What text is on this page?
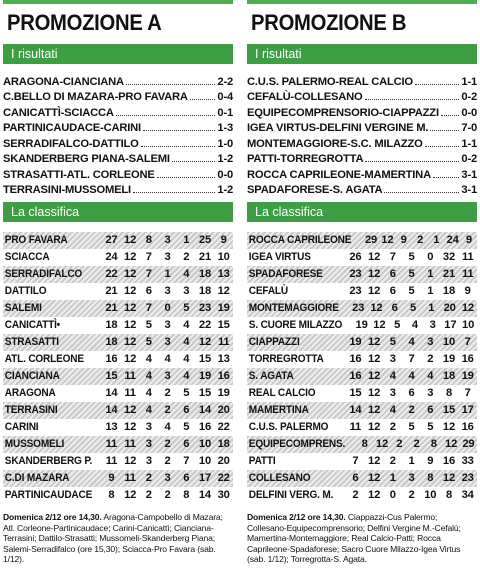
PROMOZIONE A
I risultati
ARAGONA-CIANCIANA	2-2
C.BELLO DI MAZARA-PRO FAVARA	0-4
CANICATTÌ-SCIACCA	0-1
PARTINICAUDACE-CARINI	1-3
SERRADIFALCO-DATTILO	1-0
SKANDERBERG PIANA-SALEMI	1-2
STRASATTI-ATL. CORLEONE	0-0
TERRASINI-MUSSOMELI	1-2
La classifica
PRO FAVARA	27 12 8	3	1 25 9
SCIACCA	24 12 7	3	2 21 10
SERRADIFALCO	22 12 7	1	4 18 13
DATTILO	21 12 6	3	3 18 12
SALEMI	21 12 7	0	5 23 19
CANICATTÌ•	18 12 5	3	4 22 15
STRASATTI	18 12 5	3	4 12 11
ATL. CORLEONE	16 12 4	4	4 15 13
CIANCIANA	15 11 4	3	4 19 16
ARAGONA	14 11 4	2	5 15 19
TERRASINI	14 12 4	2	6 14 20
CARINI	13 12 3	4	5 16 22
MUSSOMELI	11 11 3	2	6 10 18
SKANDERBERG P.	11 12 3	2	7 10 20
C.DI MAZARA	9 11 2	3	6 17 22
PARTINICAUDACE	8 12 2	2	8 14 30
Domenica 2/12 ore 14,30. Aragona-Campobello di Mazara; Atl. Corleone-Partinicaudace; Carini-Canicattì; Cianciana-Terrasini; Dattilo-Strasatti; Mussomeli-Skanderberg Piana; Salemi-Serradifalco (ore 15,30); Sciacca-Pro Favara (sab. 1/12).
PROMOZIONE B
I risultati
C.U.S. PALERMO-REAL CALCIO	1-1
CEFALÙ-COLLESANO	0-2
EQUIPECOMPRENSORIO-CIAPPAZZI 0-0
IGEA VIRTUS-DELFINI VERGINE M.	7-0
MONTEMAGGIORE-S.C. MILAZZO	1-1
PATTI-TORREGROTTA	0-2
ROCCA CAPRILEONE-MAMERTINA	3-1
SPADAFORESE-S. AGATA	3-1
La classifica
ROCCA CAPRILEONE 29 12 9 2 1 24 9
IGEA VIRTUS	26 12 7	5	0 32 11
SPADAFORESE	23 12 6	5	1 21 11
CEFALÙ	23 12 6	5	1 18 9
MONTEMAGGIORE 23 12 6	5	1 20 12
S. CUORE MILAZZO 19 12 5	4	3 17 10
CIAPPAZZI	19 12 5	4	3 10 7
TORREGROTTA	16 12 3	7	2 19 16
S. AGATA	16 12 4	4	4 18 19
REAL CALCIO	15 12 3	6	3	8	7
MAMERTINA	14 12 4	2	6 15 17
C.U.S. PALERMO	11 12 2	5	5 12 16
EQUIPECOMPRENS.	8 12 2	2	8 12 29
PATTI	7 12 2	1	9 16 33
COLLESANO	6 12 1	3	8 12 23
DELFINI VERG. M.	2 12 0	2 10 8 34
Domenica 2/12 ore 14,30. Ciappazzi-Cus Palermo; Collesano-Equipecomprensorio; Delfini Vergine M.-Cefalù; Mamertina-Montemaggiore; Real Calcio-Patti; Rocca Caprileone-Spadaforese; Sacro Cuore Milazzo-Igea Virtus (sab. 1/12); Torregrotta-S. Agata.
